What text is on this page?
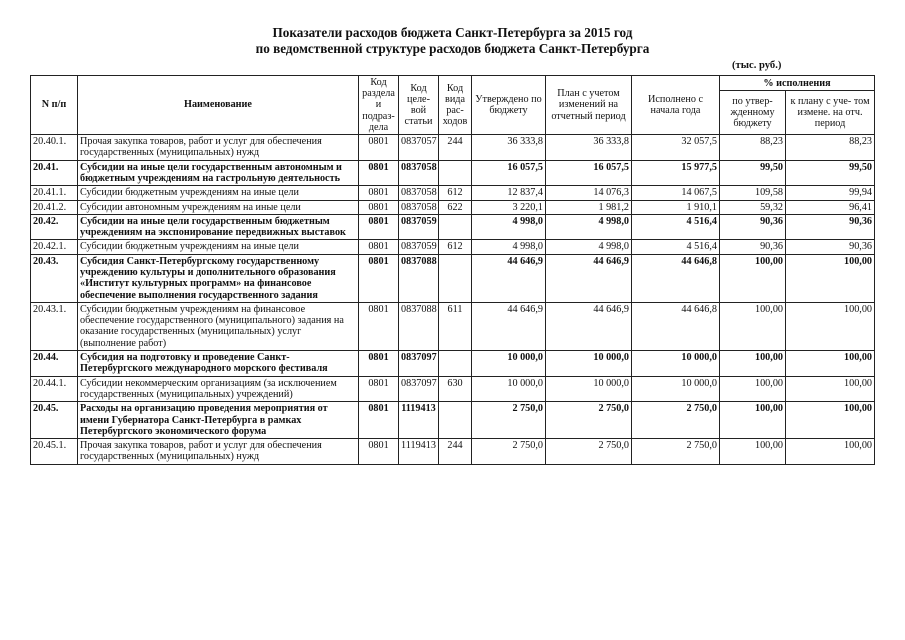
Показатели расходов бюджета Санкт-Петербурга за 2015 год
по ведомственной структуре расходов бюджета Санкт-Петербурга
(тыс. руб.)
N п/п	Наименование	Код раздела и подраз- дела	Код целе- вой статьи	Код вида рас- ходов	Утверждено по бюджету	План с учетом изменений на отчетный период	Исполнено с начала года	% исполнения	
								по утвер- жденному бюджету	к плану с уче- том измене. на отч. период
20.40.1.	Прочая закупка товаров, работ и услуг для обеспечения государственных (муниципальных) нужд	0801	0837057	244	36 333,8	36 333,8	32 057,5	88,23	88,23
20.41.	Субсидии на иные цели государственным автономным и бюджетным учреждениям на гастрольную деятельность	0801	0837058		16 057,5	16 057,5	15 977,5	99,50	99,50
20.41.1.	Субсидии бюджетным учреждениям на иные цели	0801	0837058	612	12 837,4	14 076,3	14 067,5	109,58	99,94
20.41.2.	Субсидии автономным учреждениям на иные цели	0801	0837058	622	3 220,1	1 981,2	1 910,1	59,32	96,41
20.42.	Субсидии на иные цели государственным бюджетным учреждениям на экспонирование передвижных выставок	0801	0837059		4 998,0	4 998,0	4 516,4	90,36	90,36
20.42.1.	Субсидии бюджетным учреждениям на иные цели	0801	0837059	612	4 998,0	4 998,0	4 516,4	90,36	90,36
20.43.	Субсидия Санкт-Петербургскому государственному учреждению культуры и дополнительного образования «Институт культурных программ» на финансовое обеспечение выполнения государственного задания	0801	0837088		44 646,9	44 646,9	44 646,8	100,00	100,00
20.43.1.	Субсидии бюджетным учреждениям на финансовое обеспечение государственного (муниципального) задания на оказание государственных (муниципальных) услуг (выполнение работ)	0801	0837088	611	44 646,9	44 646,9	44 646,8	100,00	100,00
20.44.	Субсидия на подготовку и проведение Санкт-Петербургского международного морского фестиваля	0801	0837097		10 000,0	10 000,0	10 000,0	100,00	100,00
20.44.1.	Субсидии некоммерческим организациям (за исключением государственных (муниципальных) учреждений)	0801	0837097	630	10 000,0	10 000,0	10 000,0	100,00	100,00
20.45.	Расходы на организацию проведения мероприятия от имени Губернатора Санкт-Петербурга в рамках Петербургского экономического форума	0801	1119413		2 750,0	2 750,0	2 750,0	100,00	100,00
20.45.1.	Прочая закупка товаров, работ и услуг для обеспечения государственных (муниципальных) нужд	0801	1119413	244	2 750,0	2 750,0	2 750,0	100,00	100,00
